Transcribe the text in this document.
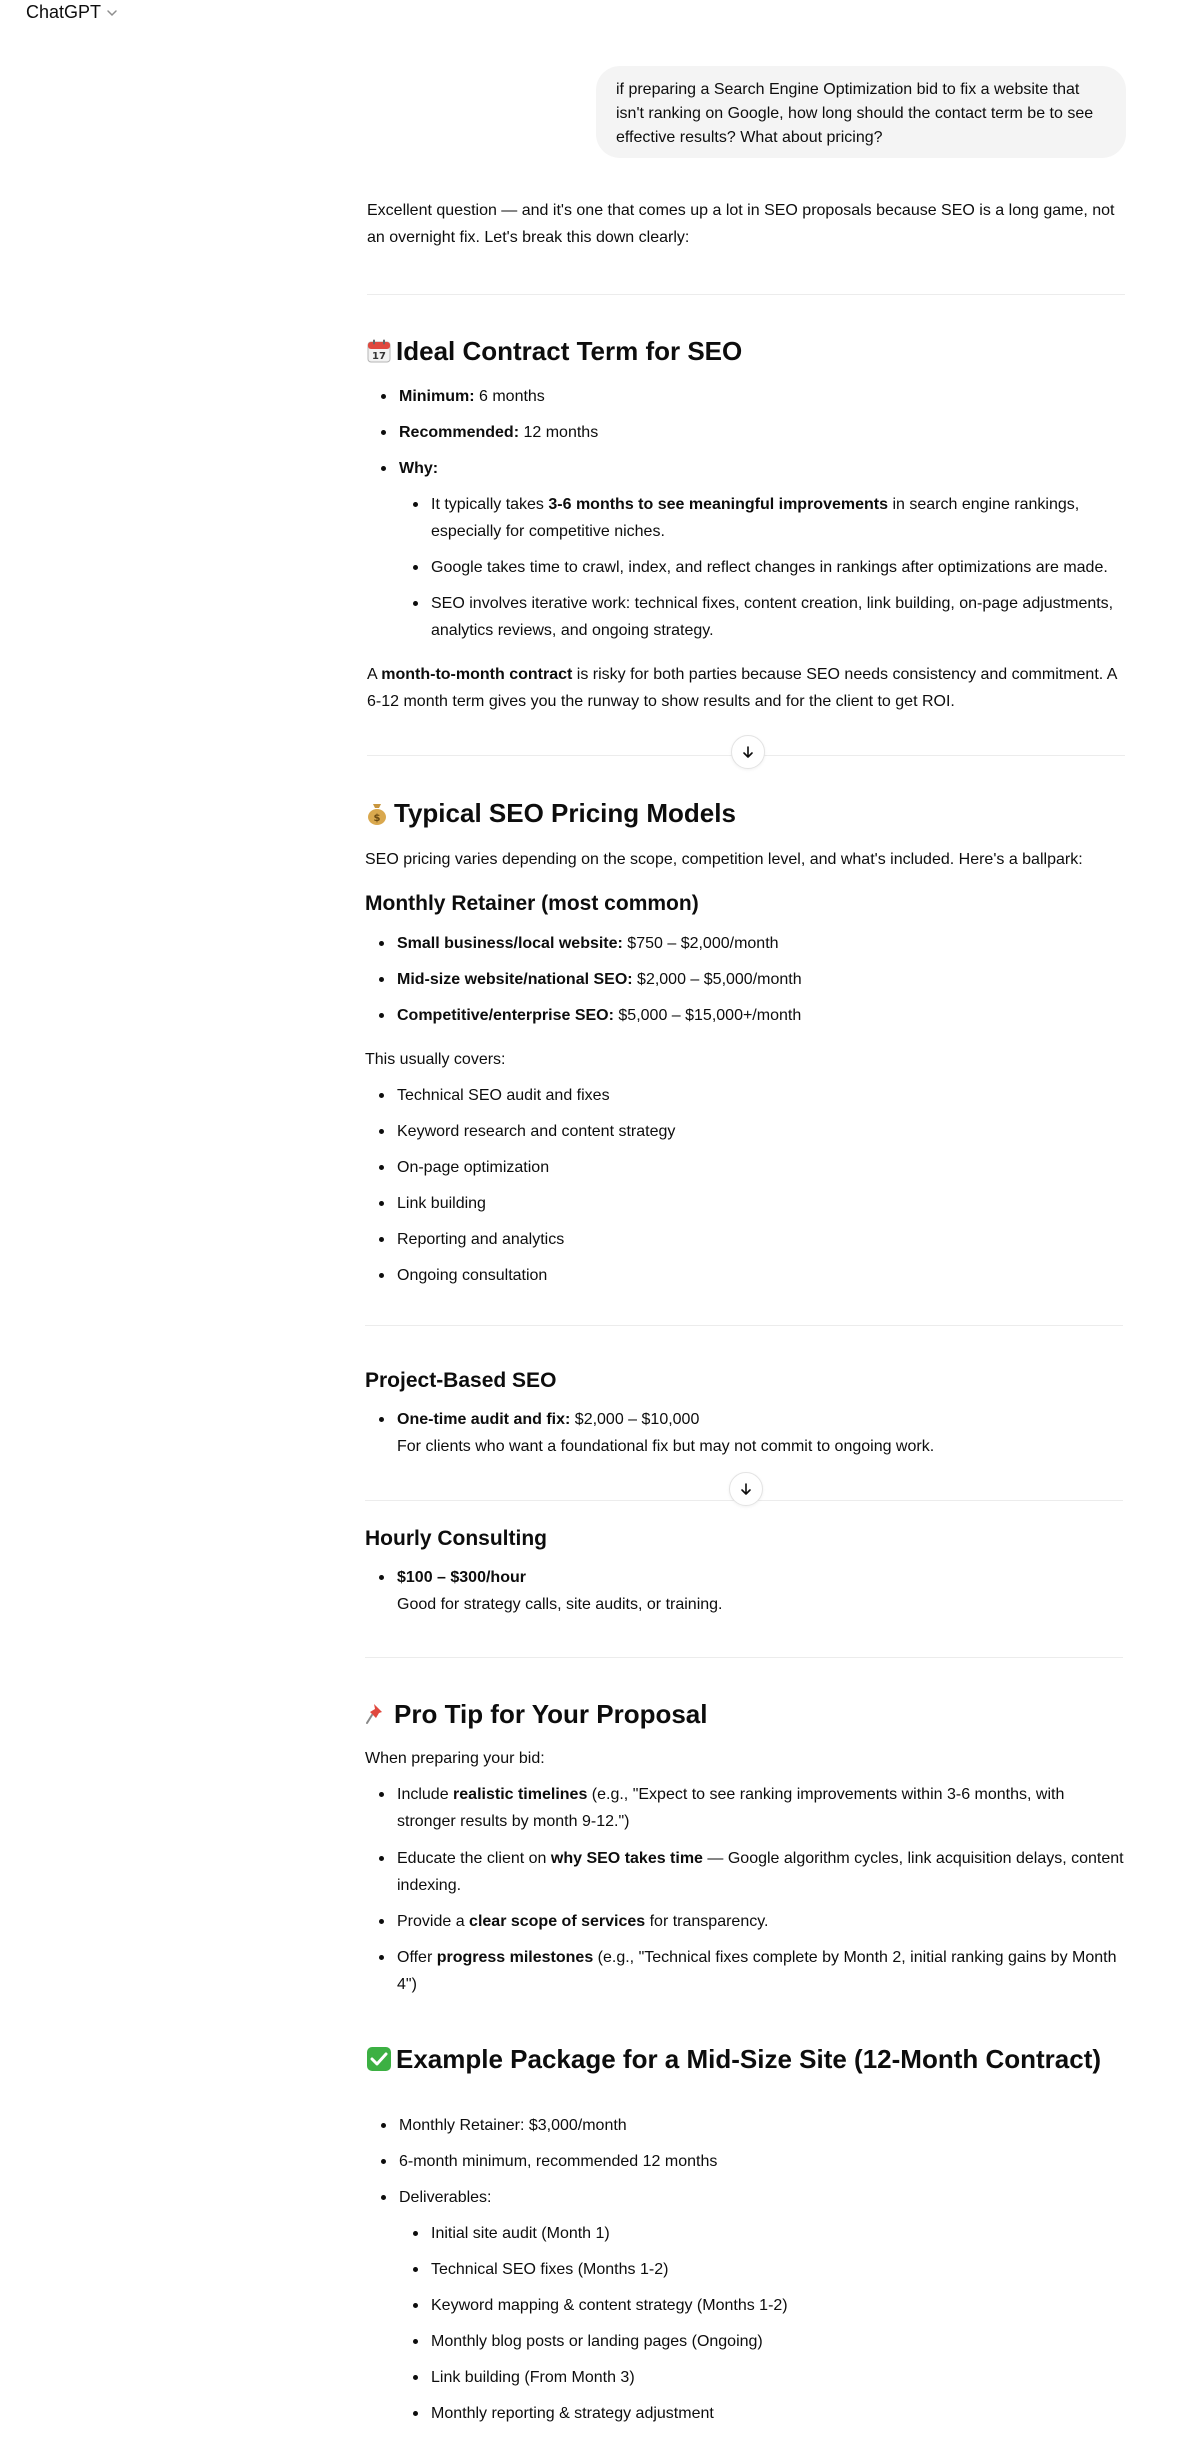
ChatGPT
if preparing a Search Engine Optimization bid to fix a website that isn't ranking on Google, how long should the contact term be to see effective results? What about pricing?
Excellent question — and it's one that comes up a lot in SEO proposals because SEO is a long game, not an overnight fix. Let's break this down clearly:
17 Ideal Contract Term for SEO
Minimum: 6 months
Recommended: 12 months
Why:
It typically takes 3-6 months to see meaningful improvements in search engine rankings,
especially for competitive niches.
Google takes time to crawl, index, and reflect changes in rankings after optimizations are made.
SEO involves iterative work: technical fixes, content creation, link building, on-page adjustments,
analytics reviews, and ongoing strategy.
A month-to-month contract is risky for both parties because SEO needs consistency and commitment. A
6-12 month term gives you the runway to show results and for the client to get ROI.
$ Typical SEO Pricing Models
SEO pricing varies depending on the scope, competition level, and what's included. Here's a ballpark:
Monthly Retainer (most common)
Small business/local website: $750 – $2,000/month
Mid-size website/national SEO: $2,000 – $5,000/month
Competitive/enterprise SEO: $5,000 – $15,000+/month
This usually covers:
Technical SEO audit and fixes
Keyword research and content strategy
On-page optimization
Link building
Reporting and analytics
Ongoing consultation
Project-Based SEO
One-time audit and fix: $2,000 – $10,000
For clients who want a foundational fix but may not commit to ongoing work.
Hourly Consulting
$100 – $300/hour
Good for strategy calls, site audits, or training.
Pro Tip for Your Proposal
When preparing your bid:
Include realistic timelines (e.g., "Expect to see ranking improvements within 3-6 months, with
stronger results by month 9-12.")
Educate the client on why SEO takes time — Google algorithm cycles, link acquisition delays, content
indexing.
Provide a clear scope of services for transparency.
Offer progress milestones (e.g., "Technical fixes complete by Month 2, initial ranking gains by Month
4")
Example Package for a Mid-Size Site (12-Month Contract)
Monthly Retainer: $3,000/month
6-month minimum, recommended 12 months
Deliverables:
Initial site audit (Month 1)
Technical SEO fixes (Months 1-2)
Keyword mapping & content strategy (Months 1-2)
Monthly blog posts or landing pages (Ongoing)
Link building (From Month 3)
Monthly reporting & strategy adjustment
